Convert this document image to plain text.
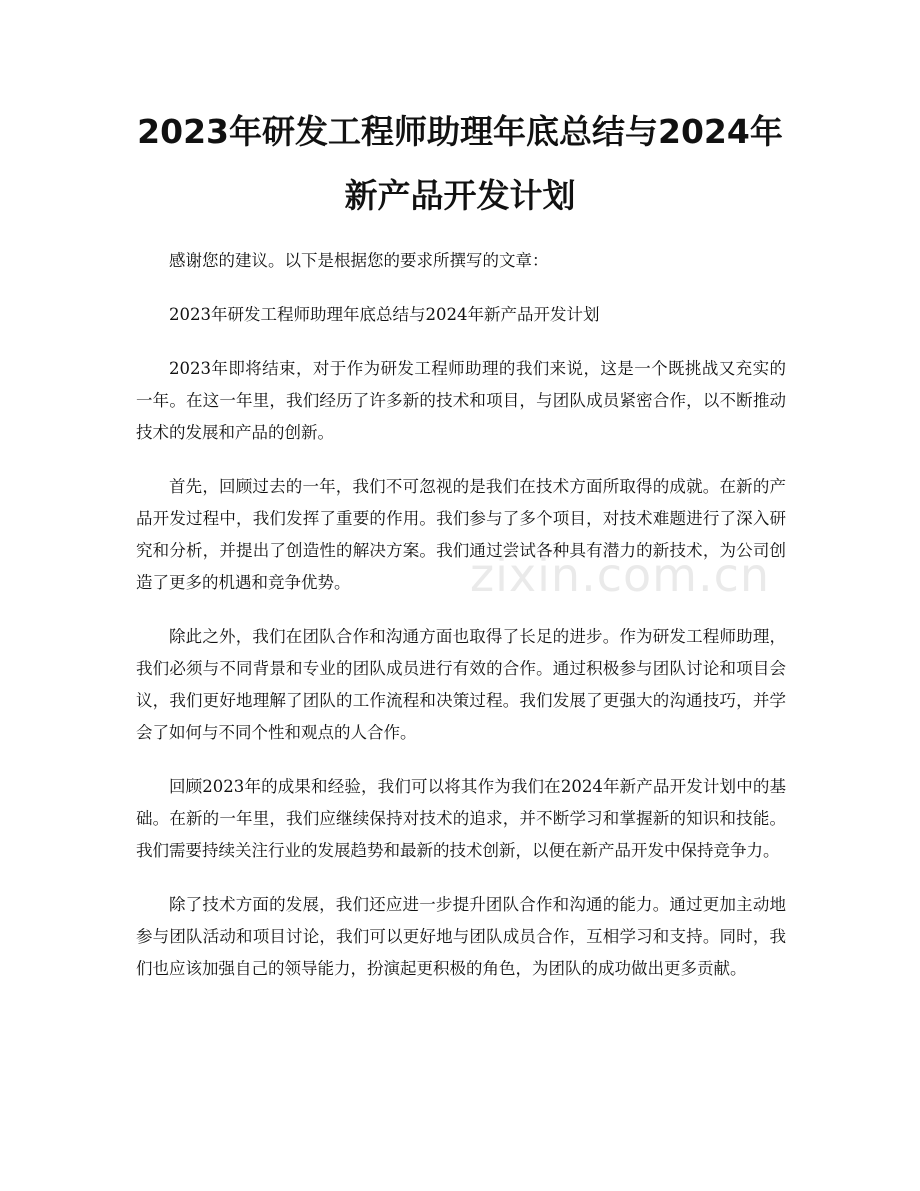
2023年研发工程师助理年底总结与2024年新产品开发计划
zixin.com.cn

感谢您的建议。以下是根据您的要求所撰写的文章：

2023年研发工程师助理年底总结与2024年新产品开发计划

2023年即将结束，对于作为研发工程师助理的我们来说，这是一个既挑战又充实的一年。在这一年里，我们经历了许多新的技术和项目，与团队成员紧密合作，以不断推动技术的发展和产品的创新。

首先，回顾过去的一年，我们不可忽视的是我们在技术方面所取得的成就。在新的产品开发过程中，我们发挥了重要的作用。我们参与了多个项目，对技术难题进行了深入研究和分析，并提出了创造性的解决方案。我们通过尝试各种具有潜力的新技术，为公司创造了更多的机遇和竞争优势。

除此之外，我们在团队合作和沟通方面也取得了长足的进步。作为研发工程师助理，我们必须与不同背景和专业的团队成员进行有效的合作。通过积极参与团队讨论和项目会议，我们更好地理解了团队的工作流程和决策过程。我们发展了更强大的沟通技巧，并学会了如何与不同个性和观点的人合作。

回顾2023年的成果和经验，我们可以将其作为我们在2024年新产品开发计划中的基础。在新的一年里，我们应继续保持对技术的追求，并不断学习和掌握新的知识和技能。我们需要持续关注行业的发展趋势和最新的技术创新，以便在新产品开发中保持竞争力。

除了技术方面的发展，我们还应进一步提升团队合作和沟通的能力。通过更加主动地参与团队活动和项目讨论，我们可以更好地与团队成员合作，互相学习和支持。同时，我们也应该加强自己的领导能力，扮演起更积极的角色，为团队的成功做出更多贡献。
